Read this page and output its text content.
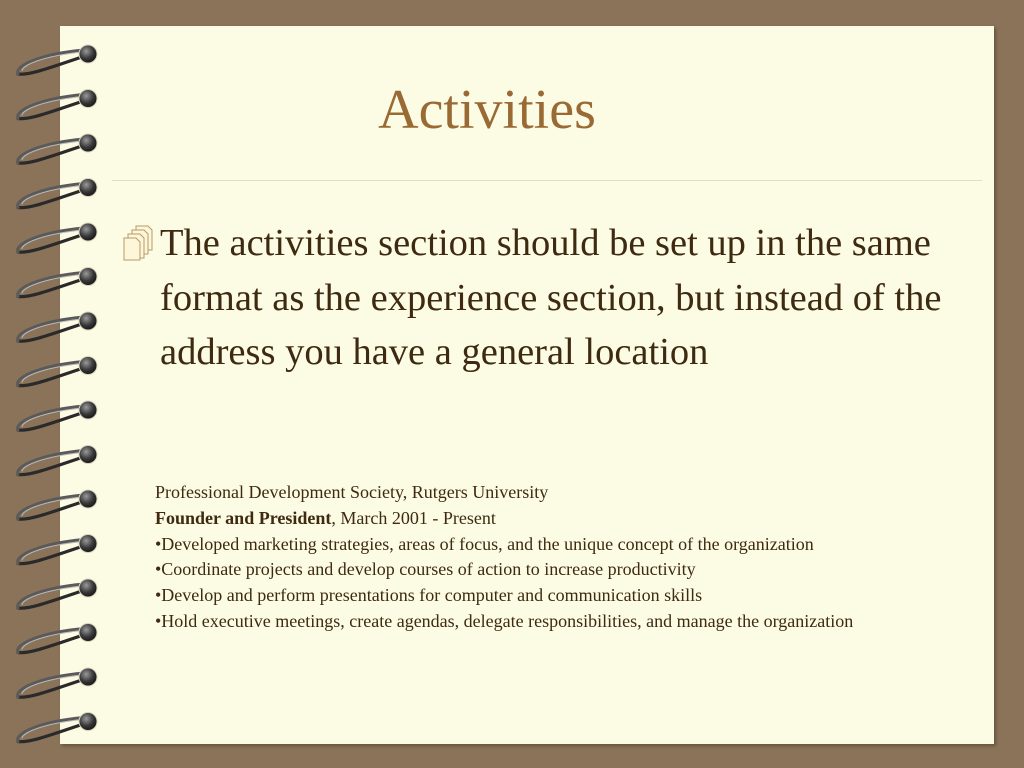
Activities
The activities section should be set up in the same format as the experience section, but instead of the address you have a general location
Professional Development Society, Rutgers University
Founder and President, March 2001 - Present
•Developed marketing strategies, areas of focus, and the unique concept of the organization
•Coordinate projects and develop courses of action to increase productivity
•Develop and perform presentations for computer and communication skills
•Hold executive meetings, create agendas, delegate responsibilities, and manage the organization
